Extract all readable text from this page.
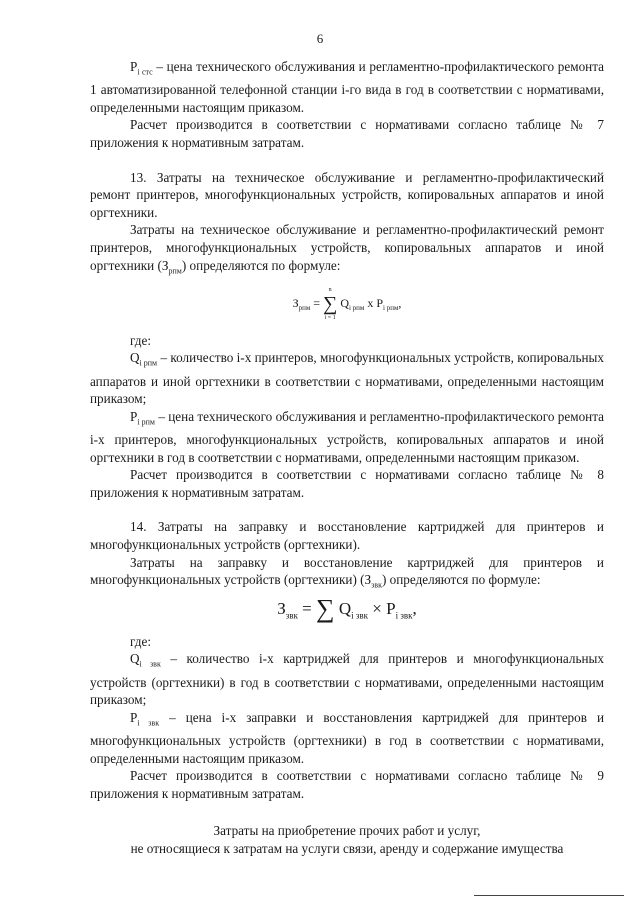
6

$P_{i стс}$ – цена технического обслуживания и регламентно-профилактического ремонта 1 автоматизированной телефонной станции i-го вида в год в соответствии с нормативами, определенными настоящим приказом.

Расчет производится в соответствии с нормативами согласно таблице № 7 приложения к нормативным затратам.

13. Затраты на техническое обслуживание и регламентно-профилактический ремонт принтеров, многофункциональных устройств, копировальных аппаратов и иной оргтехники.

Затраты на техническое обслуживание и регламентно-профилактический ремонт принтеров, многофункциональных устройств, копировальных аппаратов и иной оргтехники $(З_{рпм})$ определяются по формуле:

$З_{рпм}$ =
n
∑
i = 1
$Q_{i рпм}$ х $P_{i рпм}$,

где:

$Q_{i рпм}$ – количество i-х принтеров, многофункциональных устройств, копировальных аппаратов и иной оргтехники в соответствии с нормативами, определенными настоящим приказом;

$P_{i рпм}$ – цена технического обслуживания и регламентно-профилактического ремонта i-х принтеров, многофункциональных устройств, копировальных аппаратов и иной оргтехники в год в соответствии с нормативами, определенными настоящим приказом.

Расчет производится в соответствии с нормативами согласно таблице № 8 приложения к нормативным затратам.

14. Затраты на заправку и восстановление картриджей для принтеров и многофункциональных устройств (оргтехники).

Затраты на заправку и восстановление картриджей для принтеров и многофункциональных устройств (оргтехники) $(З_{звк})$ определяются по формуле:

$З_{звк}$ = ∑ $Q_{i звк} \times P_{i звк}$,

где:

$Q_{i звк}$ – количество i-х картриджей для принтеров и многофункциональных устройств (оргтехники) в год в соответствии с нормативами, определенными настоящим приказом;

$P_{i звк}$ – цена i-х заправки и восстановления картриджей для принтеров и многофункциональных устройств (оргтехники) в год в соответствии с нормативами, определенными настоящим приказом.

Расчет производится в соответствии с нормативами согласно таблице № 9 приложения к нормативным затратам.

Затраты на приобретение прочих работ и услуг,

не относящиеся к затратам на услуги связи, аренду и содержание имущества
